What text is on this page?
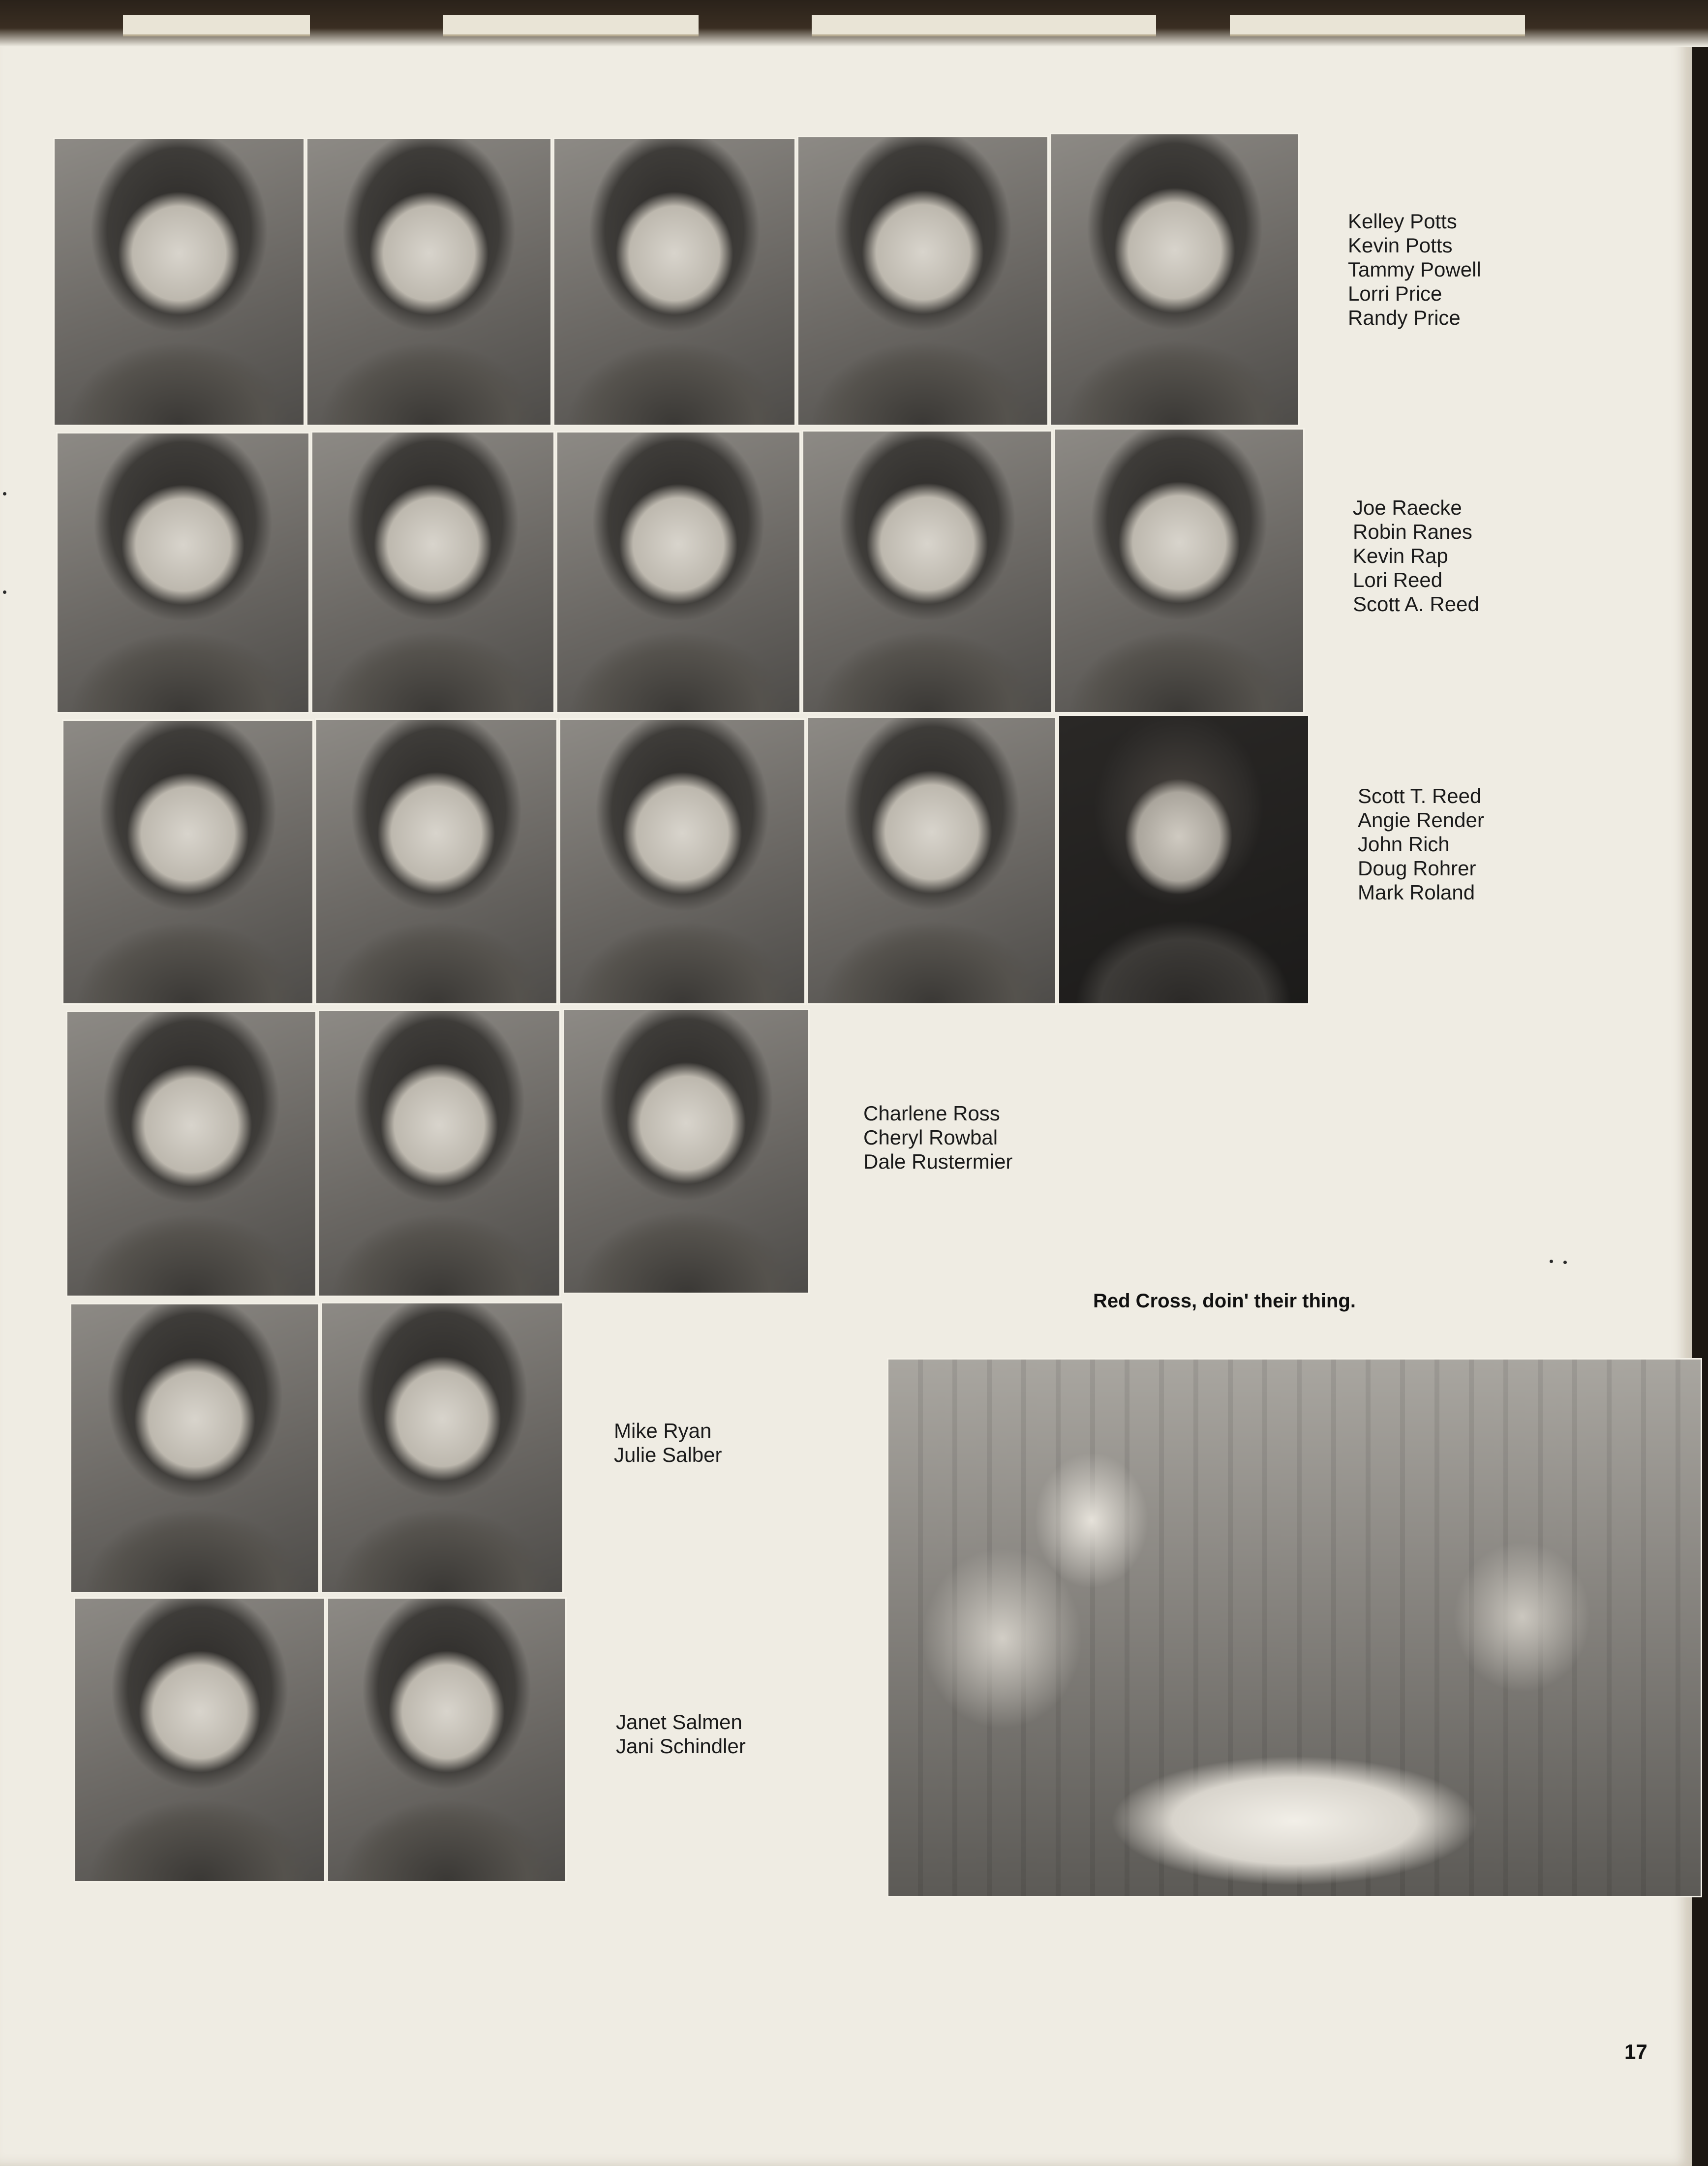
Kelley Potts
Kevin Potts
Tammy Powell
Lorri Price
Randy Price
Joe Raecke
Robin Ranes
Kevin Rap
Lori Reed
Scott A. Reed
Scott T. Reed
Angie Render
John Rich
Doug Rohrer
Mark Roland
Charlene Ross
Cheryl Rowbal
Dale Rustermier
Mike Ryan
Julie Salber
Janet Salmen
Jani Schindler
Red Cross, doin' their thing.
17
